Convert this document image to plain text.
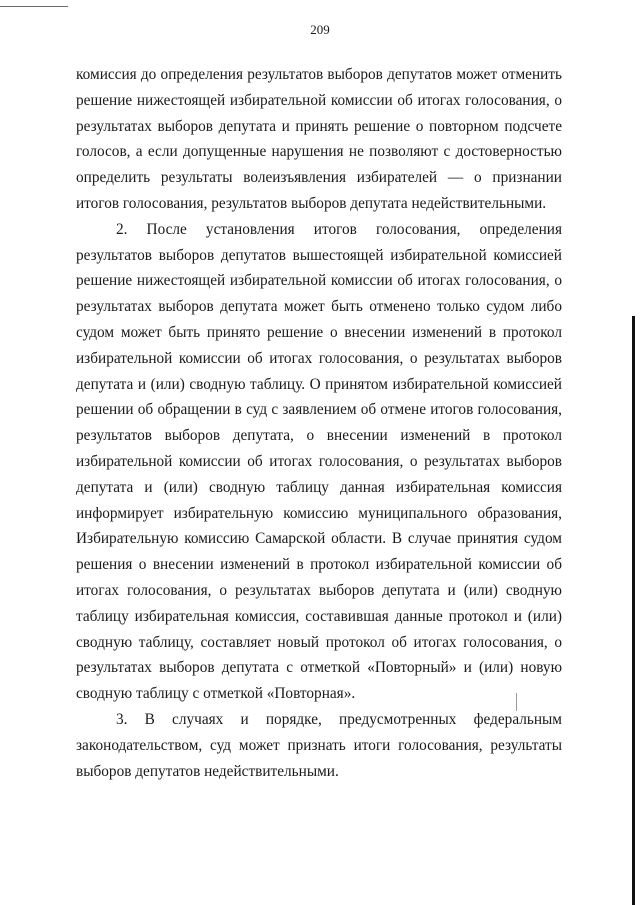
209

комиссия до определения результатов выборов депутатов может отменить решение нижестоящей избирательной комиссии об итогах голосования, о результатах выборов депутата и принять решение о повторном подсчете голосов, а если допущенные нарушения не позволяют с достоверностью определить результаты волеизъявления избирателей — о признании итогов голосования, результатов выборов депутата недействительными.

2. После установления итогов голосования, определения результатов выборов депутатов вышестоящей избирательной комиссией решение нижестоящей избирательной комиссии об итогах голосования, о результатах выборов депутата может быть отменено только судом либо судом может быть принято решение о внесении изменений в протокол избирательной комиссии об итогах голосования, о результатах выборов депутата и (или) сводную таблицу. О принятом избирательной комиссией решении об обращении в суд с заявлением об отмене итогов голосования, результатов выборов депутата, о внесении изменений в протокол избирательной комиссии об итогах голосования, о результатах выборов депутата и (или) сводную таблицу данная избирательная комиссия информирует избирательную комиссию муниципального образования, Избирательную комиссию Самарской области. В случае принятия судом решения о внесении изменений в протокол избирательной комиссии об итогах голосования, о результатах выборов депутата и (или) сводную таблицу избирательная комиссия, составившая данные протокол и (или) сводную таблицу, составляет новый протокол об итогах голосования, о результатах выборов депутата с отметкой «Повторный» и (или) новую сводную таблицу с отметкой «Повторная».

3. В случаях и порядке, предусмотренных федеральным законодательством, суд может признать итоги голосования, результаты выборов депутатов недействительными.
